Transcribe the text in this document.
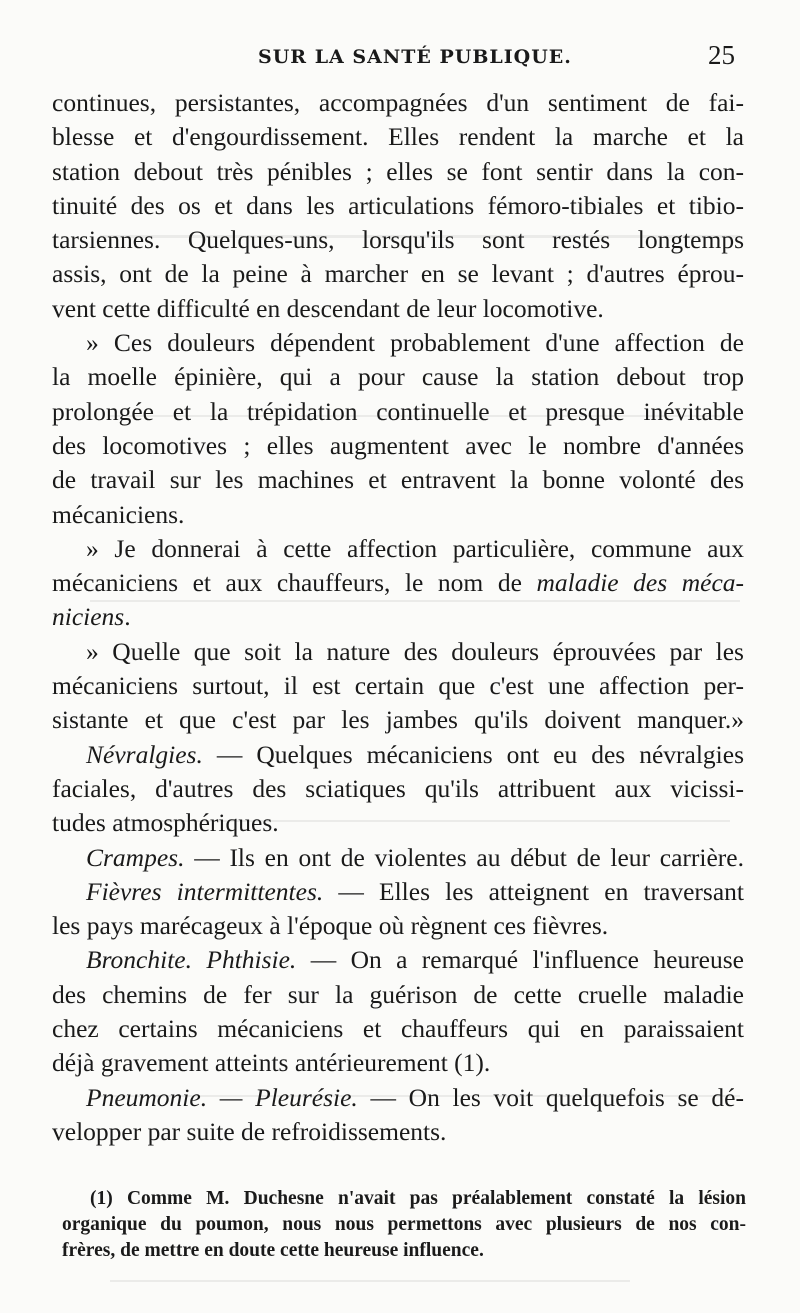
SUR LA SANTÉ PUBLIQUE.	25
continues, persistantes, accompagnées d'un sentiment de fai-
blesse et d'engourdissement. Elles rendent la marche et la
station debout très pénibles ; elles se font sentir dans la con-
tinuité des os et dans les articulations fémoro-tibiales et tibio-
tarsiennes. Quelques-uns, lorsqu'ils sont restés longtemps
assis, ont de la peine à marcher en se levant ; d'autres éprou-
vent cette difficulté en descendant de leur locomotive.
» Ces douleurs dépendent probablement d'une affection de
la moelle épinière, qui a pour cause la station debout trop
prolongée et la trépidation continuelle et presque inévitable
des locomotives ; elles augmentent avec le nombre d'années
de travail sur les machines et entravent la bonne volonté des
mécaniciens.
» Je donnerai à cette affection particulière, commune aux
mécaniciens et aux chauffeurs, le nom de maladie des méca-
niciens.
» Quelle que soit la nature des douleurs éprouvées par les
mécaniciens surtout, il est certain que c'est une affection per-
sistante et que c'est par les jambes qu'ils doivent manquer.»
Névralgies. — Quelques mécaniciens ont eu des névralgies
faciales, d'autres des sciatiques qu'ils attribuent aux vicissi-
tudes atmosphériques.
Crampes. — Ils en ont de violentes au début de leur carrière.
Fièvres intermittentes. — Elles les atteignent en traversant
les pays marécageux à l'époque où règnent ces fièvres.
Bronchite. Phthisie. — On a remarqué l'influence heureuse
des chemins de fer sur la guérison de cette cruelle maladie
chez certains mécaniciens et chauffeurs qui en paraissaient
déjà gravement atteints antérieurement (1).
Pneumonie. — Pleurésie. — On les voit quelquefois se dé-
velopper par suite de refroidissements.
(1) Comme M. Duchesne n'avait pas préalablement constaté la lésion
organique du poumon, nous nous permettons avec plusieurs de nos con-
frères, de mettre en doute cette heureuse influence.
